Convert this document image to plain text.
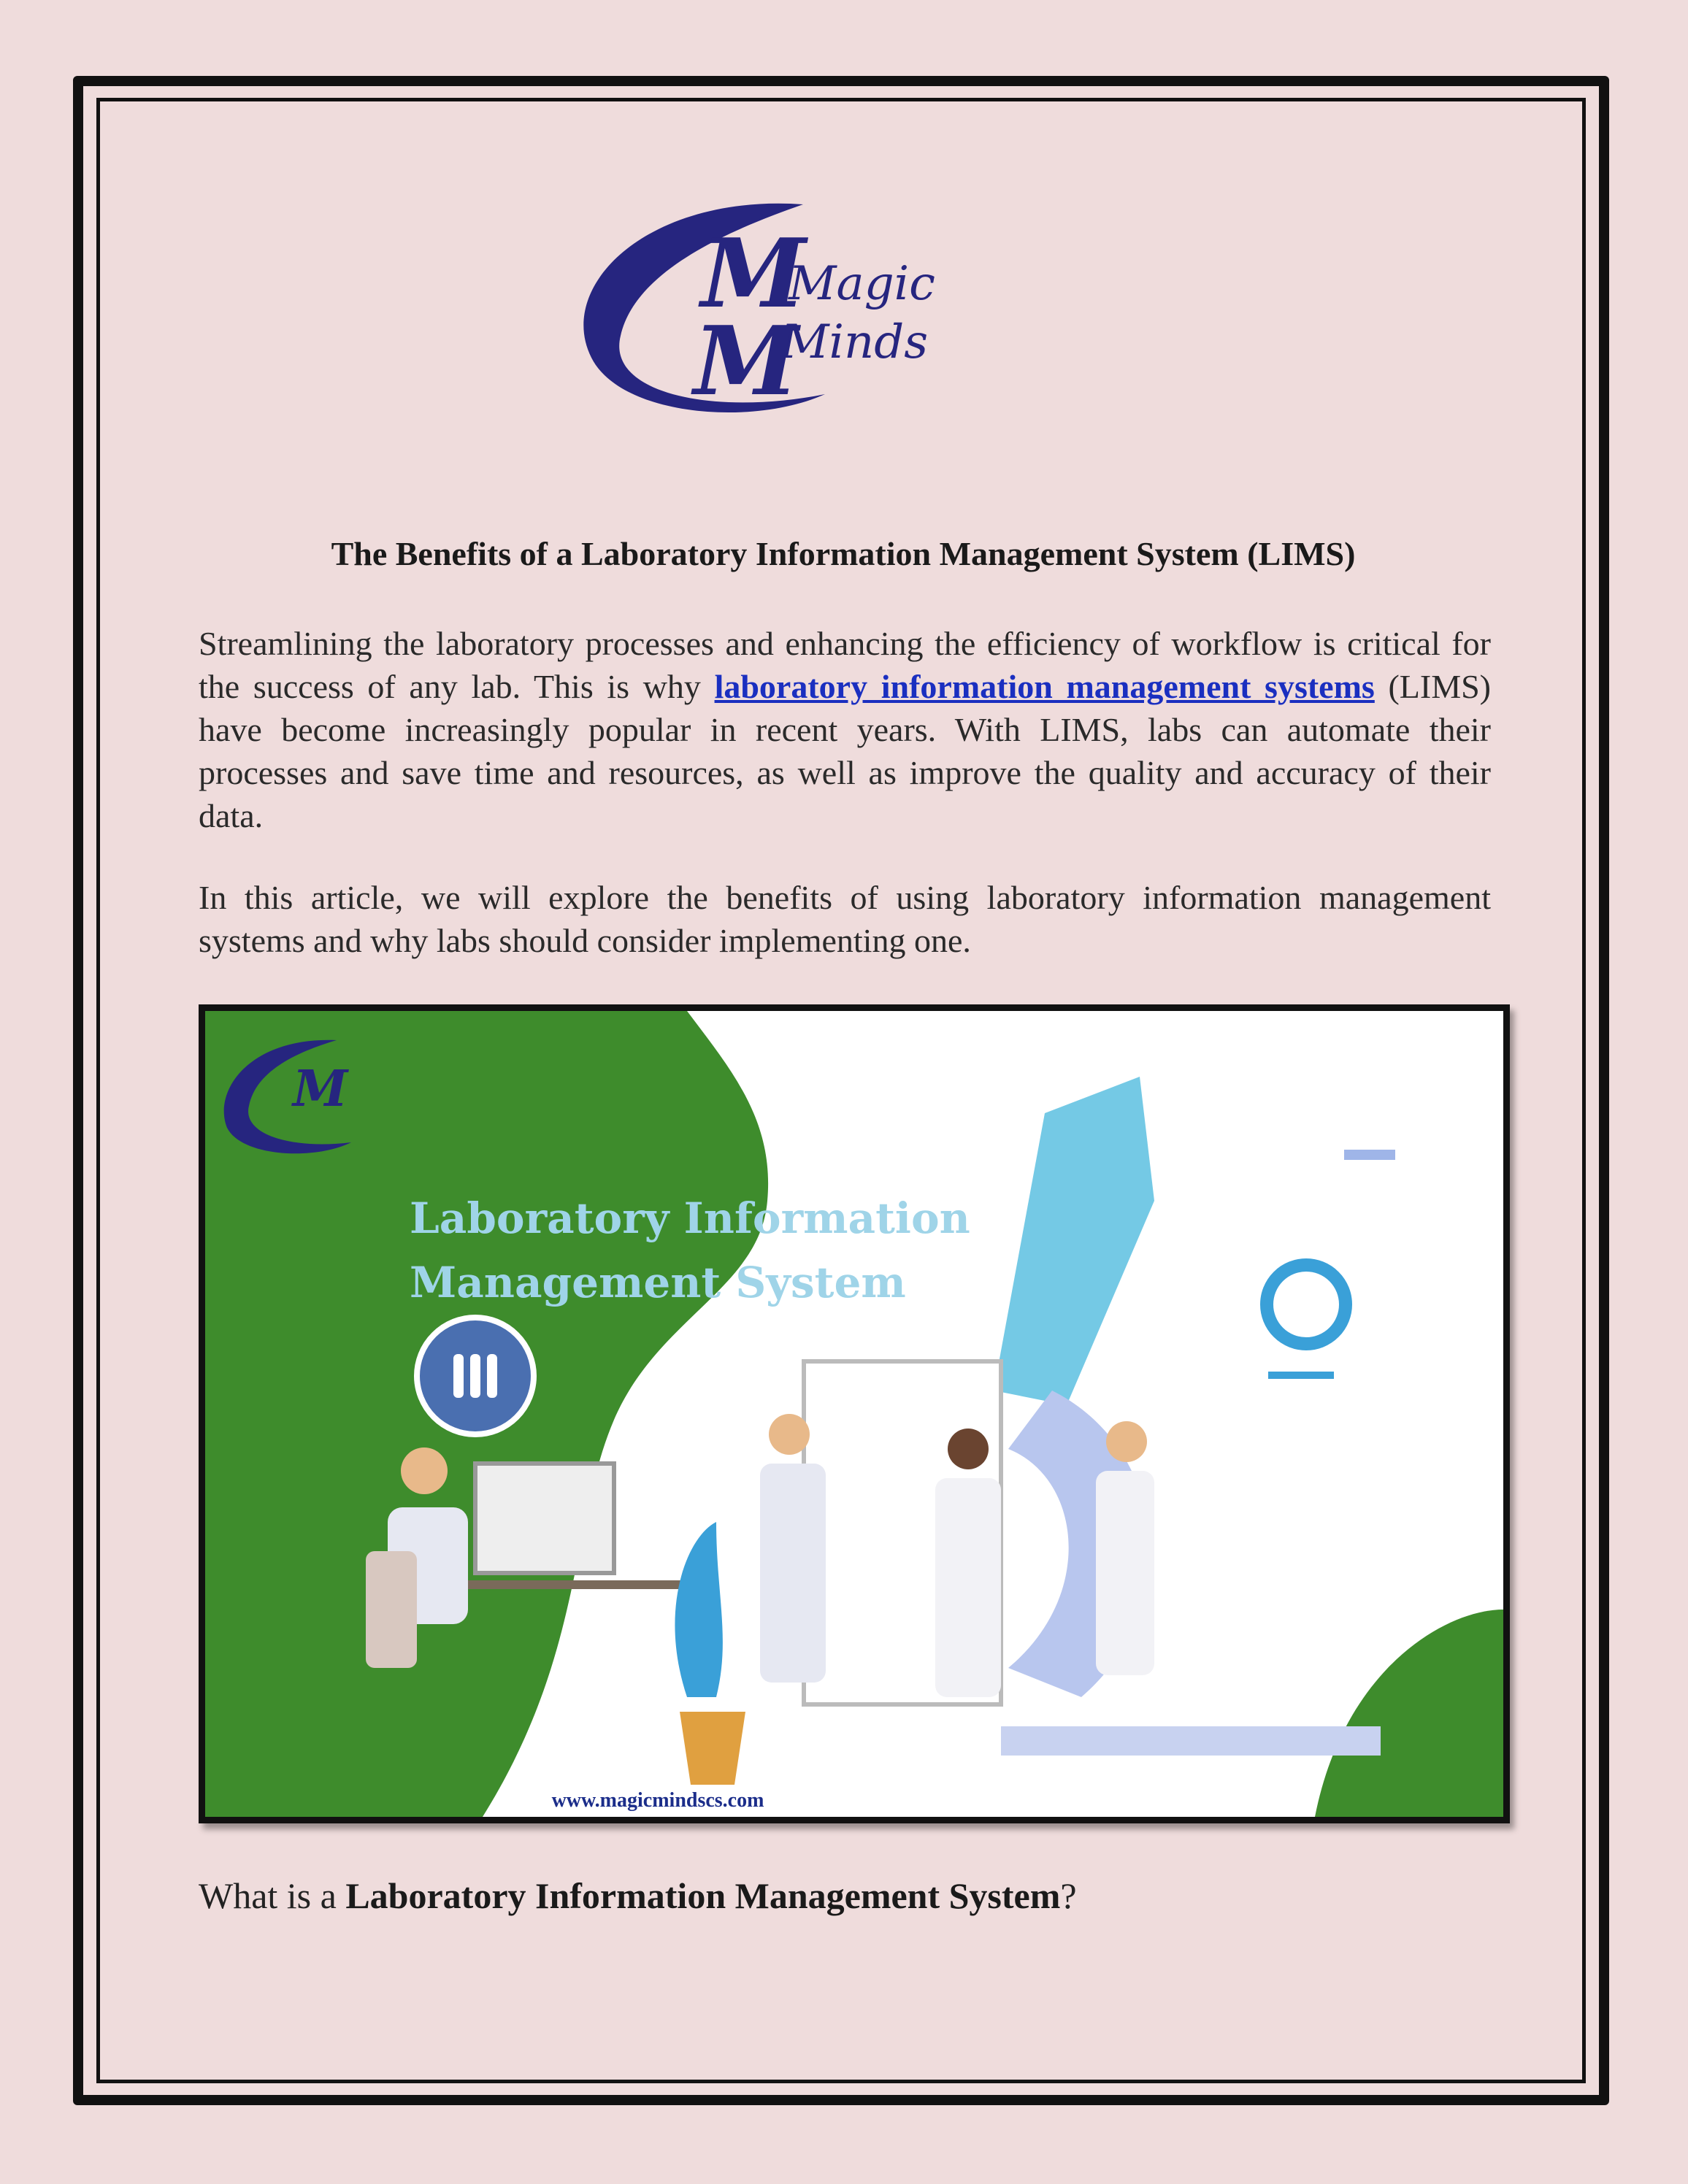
M
M
Magic
Minds
The Benefits of a Laboratory Information Management System (LIMS)
Streamlining the laboratory processes and enhancing the efficiency of workflow is critical for the success of any lab. This is why laboratory information management systems (LIMS) have become increasingly popular in recent years. With LIMS, labs can automate their processes and save time and resources, as well as improve the quality and accuracy of their data.
In this article, we will explore the benefits of using laboratory information management systems and why labs should consider implementing one.
M
Laboratory Information
Management System
www.magicmindscs.com
What is a Laboratory Information Management System?
